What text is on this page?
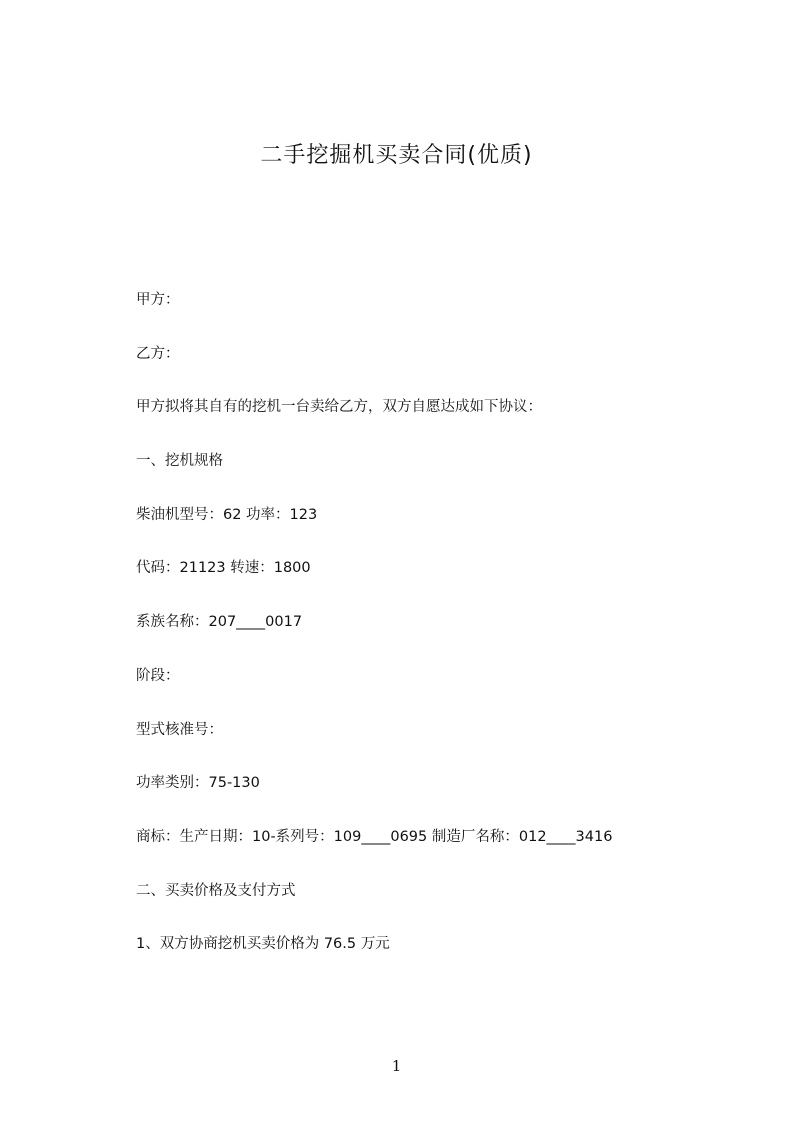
二手挖掘机买卖合同(优质)
甲方：
乙方：
甲方拟将其自有的挖机一台卖给乙方，双方自愿达成如下协议：
一、挖机规格
柴油机型号：62 功率：123
代码：21123 转速：1800
系族名称：207____0017
阶段：
型式核准号：
功率类别：75-130
商标：生产日期：10-系列号：109____0695 制造厂名称：012____3416
二、买卖价格及支付方式
1、双方协商挖机买卖价格为 76.5 万元
1
